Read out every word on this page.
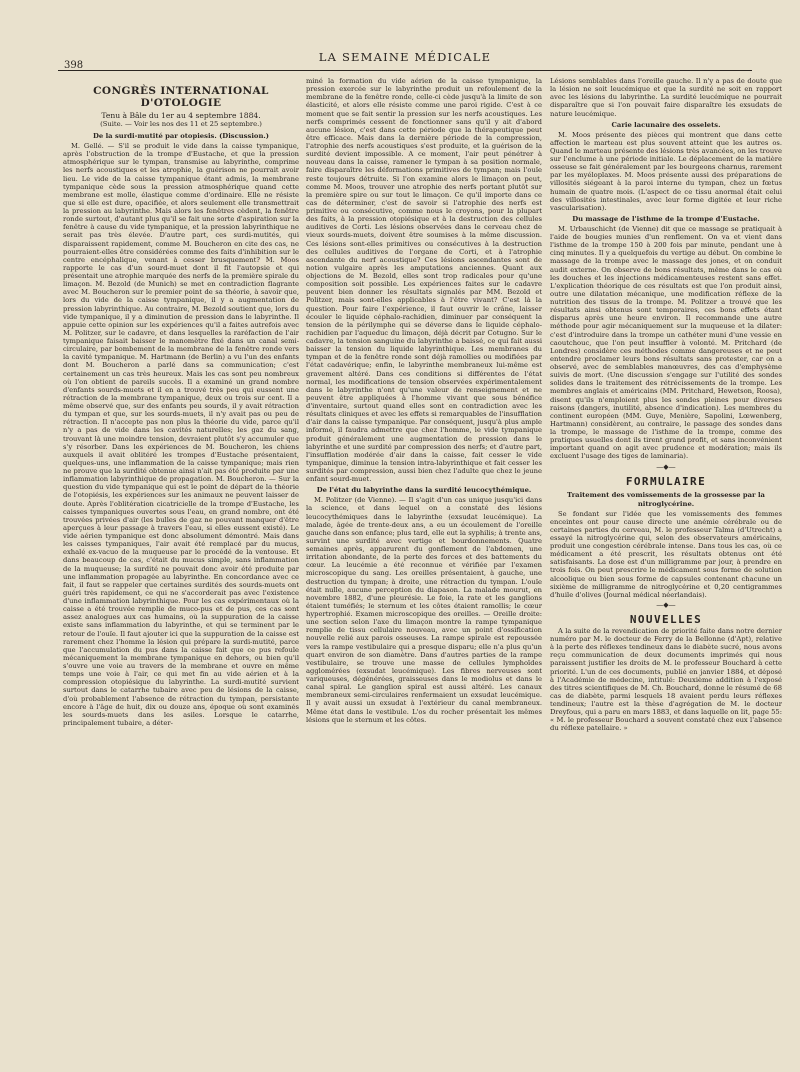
398
LA SEMAINE MÉDICALE
CONGRÈS INTERNATIONAL D'OTOLOGIE
Tenu à Bâle du 1er au 4 septembre 1884.
(Suite. — Voir les nos des 11 et 25 septembre.)
De la surdi-mutité par otopiesis. (Discussion.)

M. Gellé. — S'il se produit le vide dans la caisse tympanique, après l'obstruction de la trompe d'Eustache, et que la pression atmosphérique sur le tympan, transmise au labyrinthe, comprime les nerfs acoustiques et les atrophie, la guérison ne pourrait avoir lieu. Le vide de la caisse tympanique étant admis, la membrane tympanique cède sous la pression atmosphérique quand cette membrane est molle, élastique comme d'ordinaire. Elle ne résiste que si elle est dure, opacifiée, et alors seulement elle transmettrait la pression au labyrinthe. Mais alors les fenêtres cèdent, la fenêtre ronde surtout, d'autant plus qu'il se fait une sorte d'aspiration sur la fenêtre à cause du vide tympanique, et la pression labyrinthique ne serait pas très élevée. D'autre part, ces surdi-mutités, qui disparaissent rapidement, comme M. Boucheron en cite des cas, ne pourraient-elles être considérées comme des faits d'inhibition sur le centre encéphalique, venant à cesser brusquement? M. Moos rapporte le cas d'un sourd-muet dont il fit l'autopsie et qui présentait une atrophie marquée des nerfs de la première spirale du limaçon. M. Bezold (de Munich) se met en contradiction flagrante avec M. Boucheron sur le premier point de sa théorie, à savoir que, lors du vide de la caisse tympanique, il y a augmentation de pression labyrinthique. Au contraire, M. Bezold soutient que, lors du vide tympanique, il y a diminution de pression dans le labyrinthe. Il appuie cette opinion sur les expériences qu'il a faites autrefois avec M. Politzer, sur le cadavre, et dans lesquelles la raréfaction de l'air tympanique faisait baisser le manomètre fixé dans un canal semi-circulaire, par bombement de la membrane de la fenêtre ronde vers la cavité tympanique. M. Hartmann (de Berlin) a vu l'un des enfants dont M. Boucheron a parlé dans sa communication; c'est certainement un cas très heureux. Mais les cas sont peu nombreux où l'on obtient de pareils succès. Il a examiné un grand nombre d'enfants sourds-muets et il en a trouvé très peu qui eussent une rétraction de la membrane tympanique, deux ou trois sur cent. Il a même observé que, sur des enfants peu sourds, il y avait rétraction du tympan et que, sur les sourds-muets, il n'y avait pas ou peu de rétraction. Il n'accepte pas non plus la théorie du vide, parce qu'il n'y a pas de vide dans les cavités naturelles; les gaz du sang, trouvant là une moindre tension, devraient plutôt s'y accumuler que s'y résorber. Dans les expériences de M. Boucheron, les chiens auxquels il avait oblitéré les trompes d'Eustache présentaient, quelques-uns, une inflammation de la caisse tympanique; mais rien ne prouve que la surdité obtenue ainsi n'ait pas été produite par une inflammation labyrinthique de propagation. M. Boucheron. — Sur la question du vide tympanique qui est le point de départ de la théorie de l'otopiésis, les expériences sur les animaux ne peuvent laisser de doute. Après l'oblitération cicatricielle de la trompe d'Eustache, les caisses tympaniques ouvertes sous l'eau, en grand nombre, ont été trouvées privées d'air (les bulles de gaz ne pouvant manquer d'être aperçues à leur passage à travers l'eau, si elles eussent existé). Le vide aérien tympanique est donc absolument démontré. Mais dans les caisses tympaniques, l'air avait été remplacé par du mucus, exhalé ex-vacuo de la muqueuse par le procédé de la ventouse. Et dans beaucoup de cas, c'était du mucus simple, sans inflammation de la muqueuse; la surdité ne pouvait donc avoir été produite par une inflammation propagée au labyrinthe. En concordance avec ce fait, il faut se rappeler que certaines surdités des sourds-muets ont guéri très rapidement, ce qui ne s'accorderait pas avec l'existence d'une inflammation labyrinthique. Pour les cas expérimentaux où la caisse a été trouvée remplie de muco-pus et de pus, ces cas sont assez analogues aux cas humains, où la suppuration de la caisse existe sans inflammation du labyrinthe, et qui se terminent par le retour de l'ouïe. Il faut ajouter ici que la suppuration de la caisse est rarement chez l'homme la lésion qui prépare la surdi-mutité, parce que l'accumulation du pus dans la caisse fait que ce pus refoule mécaniquement la membrane tympanique en dehors, ou bien qu'il s'ouvre une voie au travers de la membrane et ouvre en même temps une voie à l'air, ce qui met fin au vide aérien et à la compression otopiésique du labyrinthe. La surdi-mutité survient surtout dans le catarrhe tubaire avec peu de lésions de la caisse, d'où probablement l'absence de rétraction du tympan, persistante encore à l'âge de huit, dix ou douze ans, époque où sont examinés les sourds-muets dans les asiles. Lorsque le catarrhe, principalement tubaire, a déter-

miné la formation du vide aérien de la caisse tympanique, la pression exercée sur le labyrinthe produit un refoulement de la membrane de la fenêtre ronde, celle-ci cède jusqu'à la limite de son élasticité, et alors elle résiste comme une paroi rigide. C'est à ce moment que se fait sentir la pression sur les nerfs acoustiques. Les nerfs comprimés cessent de fonctionner sans qu'il y ait d'abord aucune lésion, c'est dans cette période que la thérapeutique peut être efficace. Mais dans la dernière période de la compression, l'atrophie des nerfs acoustiques s'est produite, et la guérison de la surdité devient impossible. A ce moment, l'air peut pénétrer à nouveau dans la caisse, ramener le tympan à sa position normale, faire disparaître les déformations primitives de tympan; mais l'ouïe reste toujours détruite. Si l'on examine alors le limaçon on peut, comme M. Moos, trouver une atrophie des nerfs portant plutôt sur la première spire ou sur tout le limaçon. Ce qu'il importe dans ce cas de déterminer, c'est de savoir si l'atrophie des nerfs est primitive ou consécutive, comme nous le croyons, pour la plupart des faits, à la pression otopiésique et à la destruction des cellules auditives de Corti. Les lésions observées dans le cerveau chez de vieux sourds-muets, doivent être soumises à la même discussion. Ces lésions sont-elles primitives ou consécutives à la destruction des cellules auditives de l'organe de Corti, et à l'atrophie ascendante du nerf acoustique? Ces lésions ascendantes sont de notion vulgaire après les amputations anciennes. Quant aux objections de M. Bezold, elles sont trop radicales pour qu'une composition soit possible. Les expériences faites sur le cadavre peuvent bien donner les résultats signalés par MM. Bezold et Politzer, mais sont-elles applicables à l'être vivant? C'est là la question. Pour faire l'expérience, il faut ouvrir le crâne, laisser écouler le liquide céphalo-rachidien, diminuer par conséquent la tension de la périlymphe qui se déverse dans le liquide céphalo-rachidien par l'aqueduc du limaçon, déjà décrit par Cotugno. Sur le cadavre, la tension sanguine du labyrinthe a baissé, ce qui fait aussi baisser la tension du liquide labyrinthique. Les membranes du tympan et de la fenêtre ronde sont déjà ramollies ou modifiées par l'état cadavérique; enfin, le labyrinthe membraneux lui-même est gravement altéré. Dans ces conditions si différentes de l'état normal, les modifications de tension observées expérimentalement dans le labyrinthe n'ont qu'une valeur de renseignement et ne peuvent être appliquées à l'homme vivant que sous bénéfice d'inventaire, surtout quand elles sont en contradiction avec les résultats cliniques et avec les effets si remarquables de l'insufflation d'air dans la caisse tympanique. Par conséquent, jusqu'à plus ample informé, il faudra admettre que chez l'homme, le vide tympanique produit généralement une augmentation de pression dans le labyrinthe et une surdité par compression des nerfs; et d'autre part, l'insufflation modérée d'air dans la caisse, fait cesser le vide tympanique, diminue la tension intra-labyrinthique et fait cesser les surdités par compression, aussi bien chez l'adulte que chez le jeune enfant sourd-muet.

De l'état du labyrinthe dans la surdité leucocythémique.

M. Politzer (de Vienne). — Il s'agit d'un cas unique jusqu'ici dans la science, et dans lequel on a constaté des lésions leucocythémiques dans le labyrinthe (exsudat leucémique). La malade, âgée de trente-deux ans, a eu un écoulement de l'oreille gauche dans son enfance; plus tard, elle eut la syphilis; à trente ans, survint une surdité avec vertige et bourdonnements. Quatre semaines après, apparurent du gonflement de l'abdomen, une irritation abondante, de la perte des forces et des battements du cœur. La leucémie a été reconnue et vérifiée par l'examen microscopique du sang. Les oreilles présentaient, à gauche, une destruction du tympan; à droite, une rétraction du tympan. L'ouïe était nulle, aucune perception du diapason. La malade mourut, en novembre 1882, d'une pleurésie. Le foie, la rate et les ganglions étaient tuméfiés; le sternum et les côtes étaient ramollis; le cœur hypertrophié. Examen microscopique des oreilles. — Oreille droite: une section selon l'axe du limaçon montre la rampe tympanique remplie de tissu cellulaire nouveau, avec un point d'ossification nouvelle relié aux parois osseuses. La rampe spirale est repoussée vers la rampe vestibulaire qui a presque disparu; elle n'a plus qu'un quart environ de son diamètre. Dans d'autres parties de la rampe vestibulaire, se trouve une masse de cellules lymphoïdes agglomérées (exsudat leucémique). Les fibres nerveuses sont variqueuses, dégénérées, graisseuses dans le modiolus et dans le canal spiral. Le ganglion spiral est aussi altéré. Les canaux membraneux semi-circulaires renfermaient un exsudat leucémique. Il y avait aussi un exsudat à l'extérieur du canal membraneux. Même état dans le vestibule. L'os du rocher présentait les mêmes lésions que le sternum et les côtes.

Lésions semblables dans l'oreille gauche. Il n'y a pas de doute que la lésion ne soit leucémique et que la surdité ne soit en rapport avec les lésions du labyrinthe. La surdité leucémique ne pourrait disparaître que si l'on pouvait faire disparaître les exsudats de nature leucémique.

Carie lacunaire des osselets.

M. Moos présente des pièces qui montrent que dans cette affection le marteau est plus souvent atteint que les autres os. Quand le marteau présente des lésions très avancées, on les trouve sur l'enclume à une période initiale. Le déplacement de la matière osseuse se fait généralement par les bourgeons charnus, rarement par les myéloplaxes. M. Moos présente aussi des préparations de villosités siégeant à la paroi interne du tympan, chez un fœtus humain de quatre mois. (L'aspect de ce tissu anormal était celui des villosités intestinales, avec leur forme digitée et leur riche vascularisation).

Du massage de l'isthme de la trompe d'Eustache.

M. Urbauschicht (de Vienne) dit que ce massage se pratiquait à l'aide de bougies munies d'un renflement. On va et vient dans l'isthme de la trompe 150 à 200 fois par minute, pendant une à cinq minutes. Il y a quelquefois du vertige au début. On combine le massage de la trompe avec le massage des jones, et on conduit audit externe. On observe de bons résultats, même dans le cas où les douches et les injections médicamenteuses restent sans effet. L'explication théorique de ces résultats est que l'on produit ainsi, outre une dilatation mécanique, une modification réflexe de la nutrition des tissus de la trompe. M. Politzer a trouvé que les résultats ainsi obtenus sont temporaires, ces bons effets étant disparus après une heure environ. Il recommande une autre méthode pour agir mécaniquement sur la muqueuse et la dilater: c'est d'introduire dans la trompe un cathéter muni d'une vessie en caoutchouc, que l'on peut insuffler à volonté. M. Pritchard (de Londres) considère ces méthodes comme dangereuses et ne peut entendre proclamer leurs bons résultats sans protester, car on a observé, avec de semblables manœuvres, des cas d'emphysème suivis de mort. (Une discussion s'engage sur l'utilité des sondes solides dans le traitement des rétrécissements de la trompe. Les membres anglais et américains (MM. Pritchard, Hewetson, Roosa), disent qu'ils n'emploient plus les sondes pleines pour diverses raisons (dangers, inutilité, absence d'indication). Les membres du continent européen (MM. Guye, Menière, Sapolini, Lœwenberg, Hartmann) considèrent, au contraire, le passage des sondes dans la trompe, le massage de l'isthme de la trompe, comme des pratiques usuelles dont ils tirent grand profit, et sans inconvénient important quand on agit avec prudence et modération; mais ils excluent l'usage des tiges de laminaria).

—◆—
FORMULAIRE
Traitement des vomissements de la grossesse par la nitroglycérine.

Se fondant sur l'idée que les vomissements des femmes enceintes ont pour cause directe une anémie cérébrale ou de certaines parties du cerveau, M. le professeur Talma (d'Utrecht) a essayé la nitroglycérine qui, selon des observateurs américains, produit une congestion cérébrale intense. Dans tous les cas, où ce médicament a été prescrit, les résultats obtenus ont été satisfaisants. La dose est d'un milligramme par jour, à prendre en trois fois. On peut prescrire le médicament sous forme de solution alcoolique ou bien sous forme de capsules contenant chacune un sixième de milligramme de nitroglycérine et 0,20 centigrammes d'huile d'olives (Journal médical néerlandais).

—◆—
NOUVELLES

A la suite de la revendication de priorité faite dans notre dernier numéro par M. le docteur de Ferry de la Bellonne (d'Apt), relative à la perte des réflexes tendineux dans le diabète sucré, nous avons reçu communication de deux documents imprimés qui nous paraissent justifier les droits de M. le professeur Bouchard à cette priorité. L'un de ces documents, publié en janvier 1884, et déposé à l'Académie de médecine, intitulé: Deuxième addition à l'exposé des titres scientifiques de M. Ch. Bouchard, donne le résumé de 68 cas de diabète, parmi lesquels 18 avaient perdu leurs réflexes tendineux; l'autre est la thèse d'agrégation de M. le docteur Dreyfous, qui a paru en mars 1883, et dans laquelle on lit, page 55: « M. le professeur Bouchard a souvent constaté chez eux l'absence du réflexe patellaire. »
